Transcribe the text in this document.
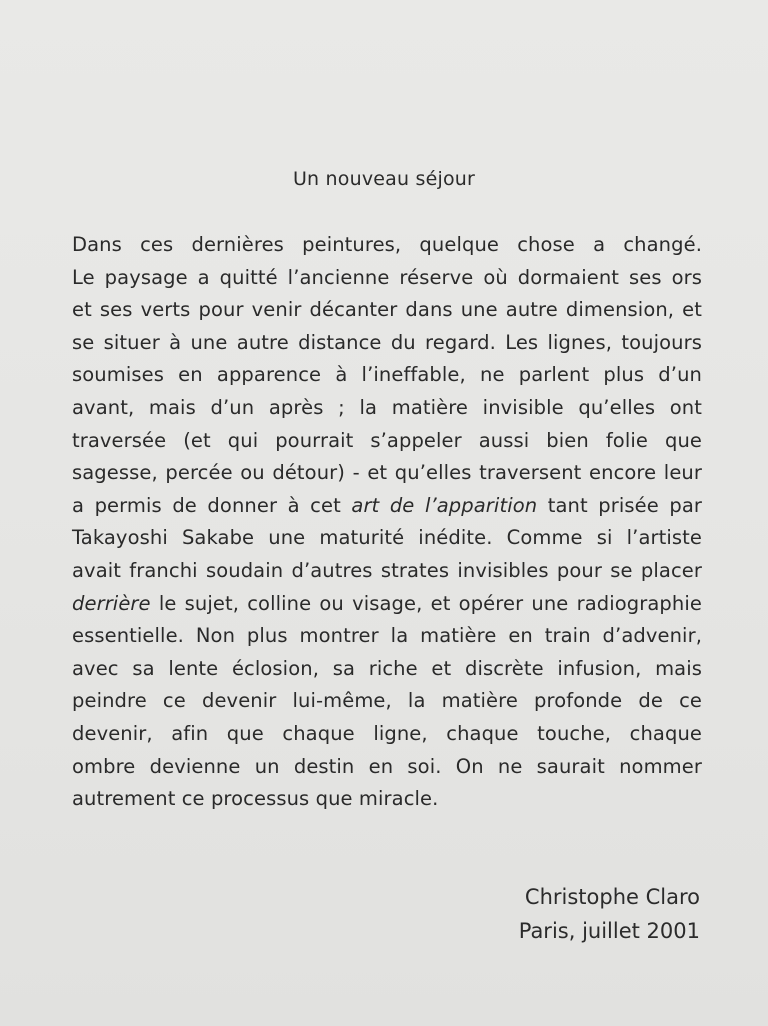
Un nouveau séjour
Dans ces dernières peintures, quelque chose a changé.
Le paysage a quitté l’ancienne réserve où dormaient ses ors
et ses verts pour venir décanter dans une autre dimension, et
se situer à une autre distance du regard. Les lignes, toujours
soumises en apparence à l’ineffable, ne parlent plus d’un
avant, mais d’un après ; la matière invisible qu’elles ont
traversée (et qui pourrait s’appeler aussi bien folie que
sagesse, percée ou détour) - et qu’elles traversent encore leur
a permis de donner à cet art de l’apparition tant prisée par
Takayoshi Sakabe une maturité inédite. Comme si l’artiste
avait franchi soudain d’autres strates invisibles pour se placer
derrière le sujet, colline ou visage, et opérer une radiographie
essentielle. Non plus montrer la matière en train d’advenir,
avec sa lente éclosion, sa riche et discrète infusion, mais
peindre ce devenir lui-même, la matière profonde de ce
devenir, afin que chaque ligne, chaque touche, chaque
ombre devienne un destin en soi. On ne saurait nommer
autrement ce processus que miracle.
Christophe Claro
Paris, juillet 2001
